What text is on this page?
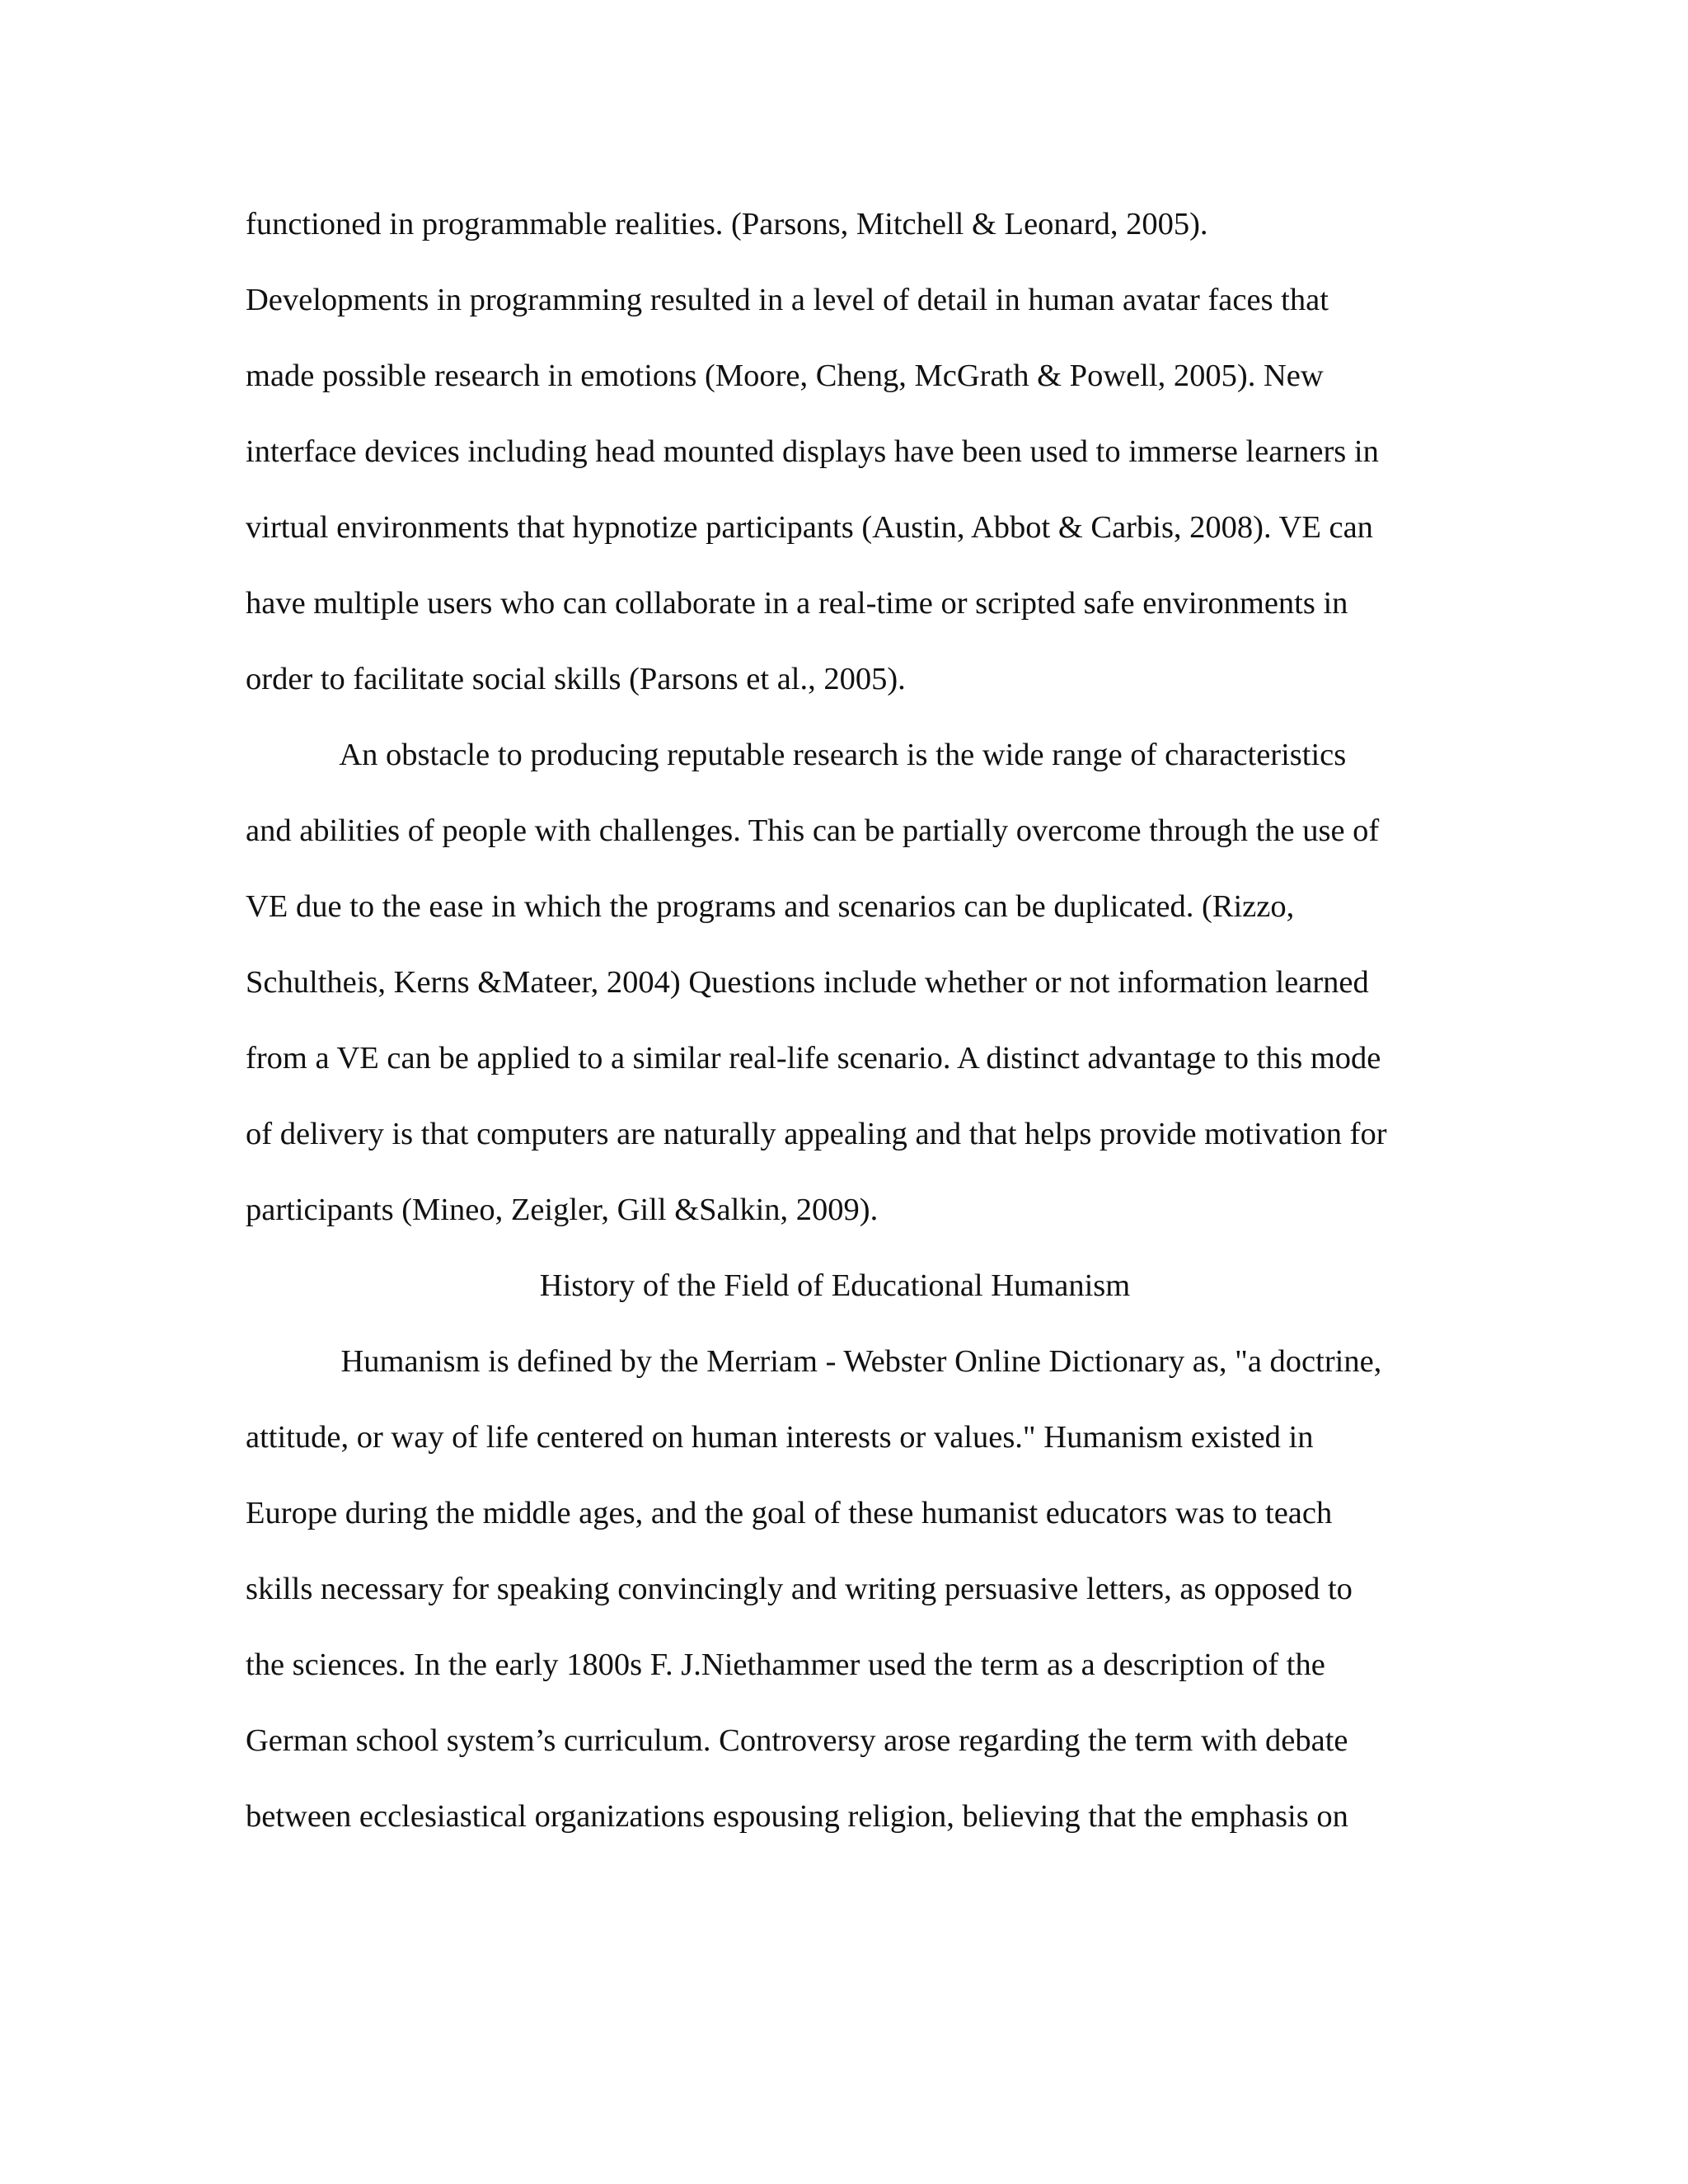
functioned in programmable realities. (Parsons, Mitchell & Leonard, 2005).
Developments in programming resulted in a level of detail in human avatar faces that
made possible research in emotions (Moore, Cheng, McGrath & Powell, 2005). New
interface devices including head mounted displays have been used to immerse learners in
virtual environments that hypnotize participants (Austin, Abbot & Carbis, 2008). VE can
have multiple users who can collaborate in a real-time or scripted safe environments in
order to facilitate social skills (Parsons et al., 2005).
An obstacle to producing reputable research is the wide range of characteristics
and abilities of people with challenges. This can be partially overcome through the use of
VE due to the ease in which the programs and scenarios can be duplicated. (Rizzo,
Schultheis, Kerns &Mateer, 2004) Questions include whether or not information learned
from a VE can be applied to a similar real-life scenario. A distinct advantage to this mode
of delivery is that computers are naturally appealing and that helps provide motivation for
participants (Mineo, Zeigler, Gill &Salkin, 2009).
History of the Field of Educational Humanism
Humanism is defined by the Merriam - Webster Online Dictionary as, "a doctrine,
attitude, or way of life centered on human interests or values." Humanism existed in
Europe during the middle ages, and the goal of these humanist educators was to teach
skills necessary for speaking convincingly and writing persuasive letters, as opposed to
the sciences. In the early 1800s F. J.Niethammer used the term as a description of the
German school system’s curriculum. Controversy arose regarding the term with debate
between ecclesiastical organizations espousing religion, believing that the emphasis on
